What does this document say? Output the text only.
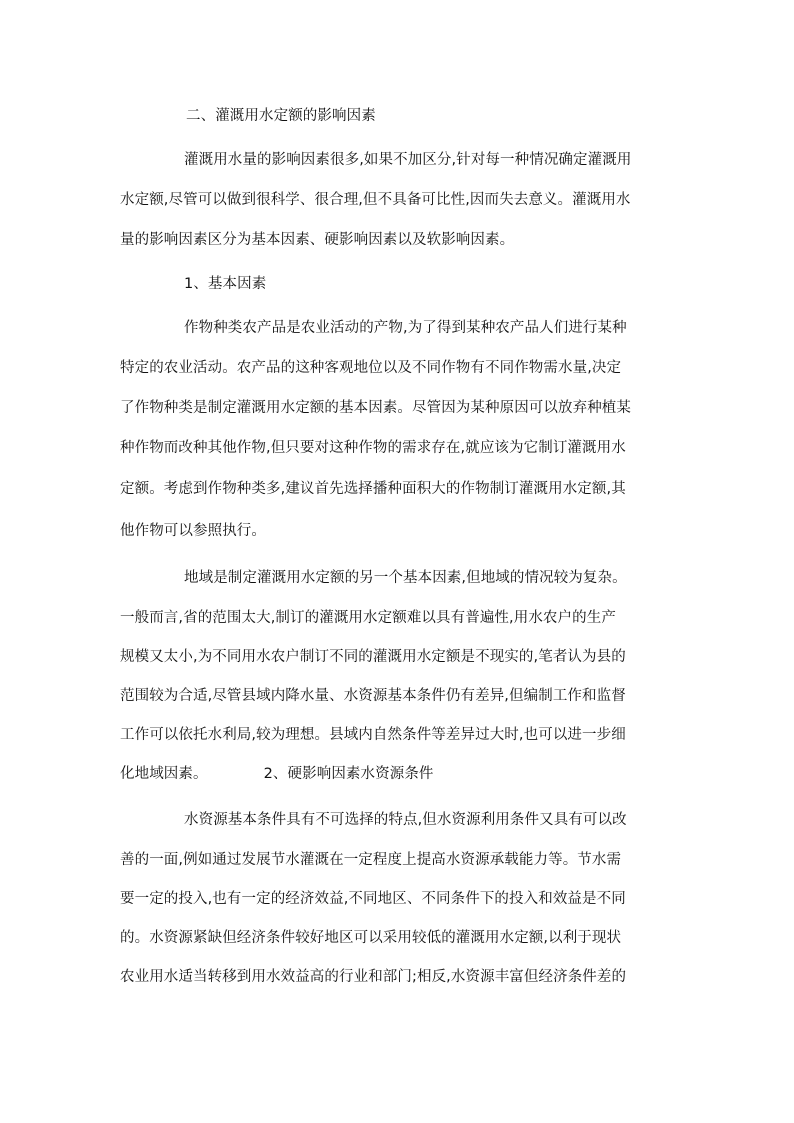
二、灌溉用水定额的影响因素
灌溉用水量的影响因素很多,如果不加区分,针对每一种情况确定灌溉用
水定额,尽管可以做到很科学、很合理,但不具备可比性,因而失去意义。灌溉用水
量的影响因素区分为基本因素、硬影响因素以及软影响因素。
1、基本因素
作物种类农产品是农业活动的产物,为了得到某种农产品人们进行某种
特定的农业活动。农产品的这种客观地位以及不同作物有不同作物需水量,决定
了作物种类是制定灌溉用水定额的基本因素。尽管因为某种原因可以放弃种植某
种作物而改种其他作物,但只要对这种作物的需求存在,就应该为它制订灌溉用水
定额。考虑到作物种类多,建议首先选择播种面积大的作物制订灌溉用水定额,其
他作物可以参照执行。
地域是制定灌溉用水定额的另一个基本因素,但地域的情况较为复杂。
一般而言,省的范围太大,制订的灌溉用水定额难以具有普遍性,用水农户的生产
规模又太小,为不同用水农户制订不同的灌溉用水定额是不现实的,笔者认为县的
范围较为合适,尽管县域内降水量、水资源基本条件仍有差异,但编制工作和监督
工作可以依托水利局,较为理想。县域内自然条件等差异过大时,也可以进一步细
化地域因素。	2、硬影响因素水资源条件
水资源基本条件具有不可选择的特点,但水资源利用条件又具有可以改
善的一面,例如通过发展节水灌溉在一定程度上提高水资源承载能力等。节水需
要一定的投入,也有一定的经济效益,不同地区、不同条件下的投入和效益是不同
的。水资源紧缺但经济条件较好地区可以采用较低的灌溉用水定额,以利于现状
农业用水适当转移到用水效益高的行业和部门;相反,水资源丰富但经济条件差的
